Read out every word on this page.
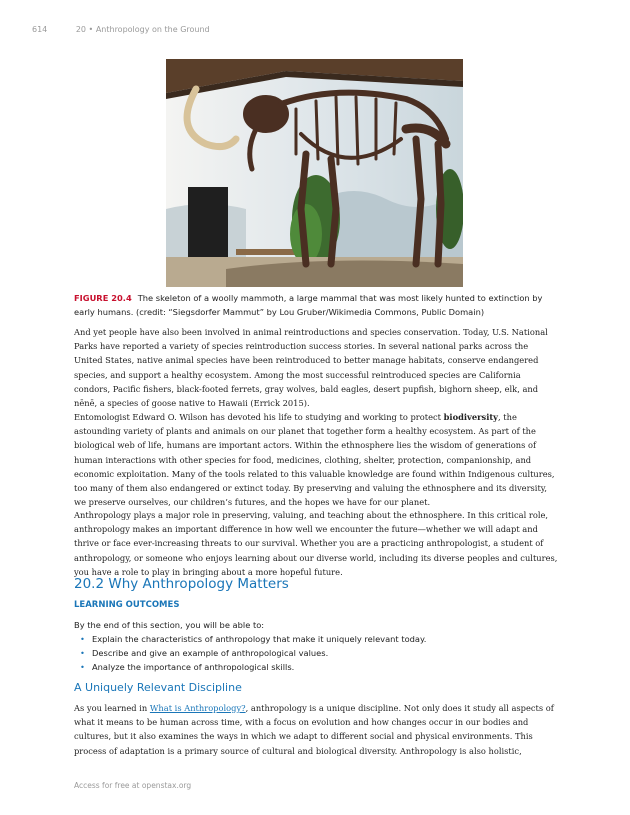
614	20 • Anthropology on the Ground
FIGURE 20.4 The skeleton of a woolly mammoth, a large mammal that was most likely hunted to extinction by early humans. (credit: “Siegsdorfer Mammut” by Lou Gruber/Wikimedia Commons, Public Domain)

And yet people have also been involved in animal reintroductions and species conservation. Today, U.S. National Parks have reported a variety of species reintroduction success stories. In several national parks across the United States, native animal species have been reintroduced to better manage habitats, conserve endangered species, and support a healthy ecosystem. Among the most successful reintroduced species are California condors, Pacific fishers, black-footed ferrets, gray wolves, bald eagles, desert pupfish, bighorn sheep, elk, and nēnē, a species of goose native to Hawaii (Errick 2015).

Entomologist Edward O. Wilson has devoted his life to studying and working to protect biodiversity, the astounding variety of plants and animals on our planet that together form a healthy ecosystem. As part of the biological web of life, humans are important actors. Within the ethnosphere lies the wisdom of generations of human interactions with other species for food, medicines, clothing, shelter, protection, companionship, and economic exploitation. Many of the tools related to this valuable knowledge are found within Indigenous cultures, too many of them also endangered or extinct today. By preserving and valuing the ethnosphere and its diversity, we preserve ourselves, our children’s futures, and the hopes we have for our planet.

Anthropology plays a major role in preserving, valuing, and teaching about the ethnosphere. In this critical role, anthropology makes an important difference in how well we encounter the future—whether we will adapt and thrive or face ever-increasing threats to our survival. Whether you are a practicing anthropologist, a student of anthropology, or someone who enjoys learning about our diverse world, including its diverse peoples and cultures, you have a role to play in bringing about a more hopeful future.

20.2 Why Anthropology Matters
LEARNING OUTCOMES
By the end of this section, you will be able to:
• Explain the characteristics of anthropology that make it uniquely relevant today.
• Describe and give an example of anthropological values.
• Analyze the importance of anthropological skills.
A Uniquely Relevant Discipline

As you learned in What is Anthropology?, anthropology is a unique discipline. Not only does it study all aspects of what it means to be human across time, with a focus on evolution and how changes occur in our bodies and cultures, but it also examines the ways in which we adapt to different social and physical environments. This process of adaptation is a primary source of cultural and biological diversity. Anthropology is also holistic,

Access for free at openstax.org
